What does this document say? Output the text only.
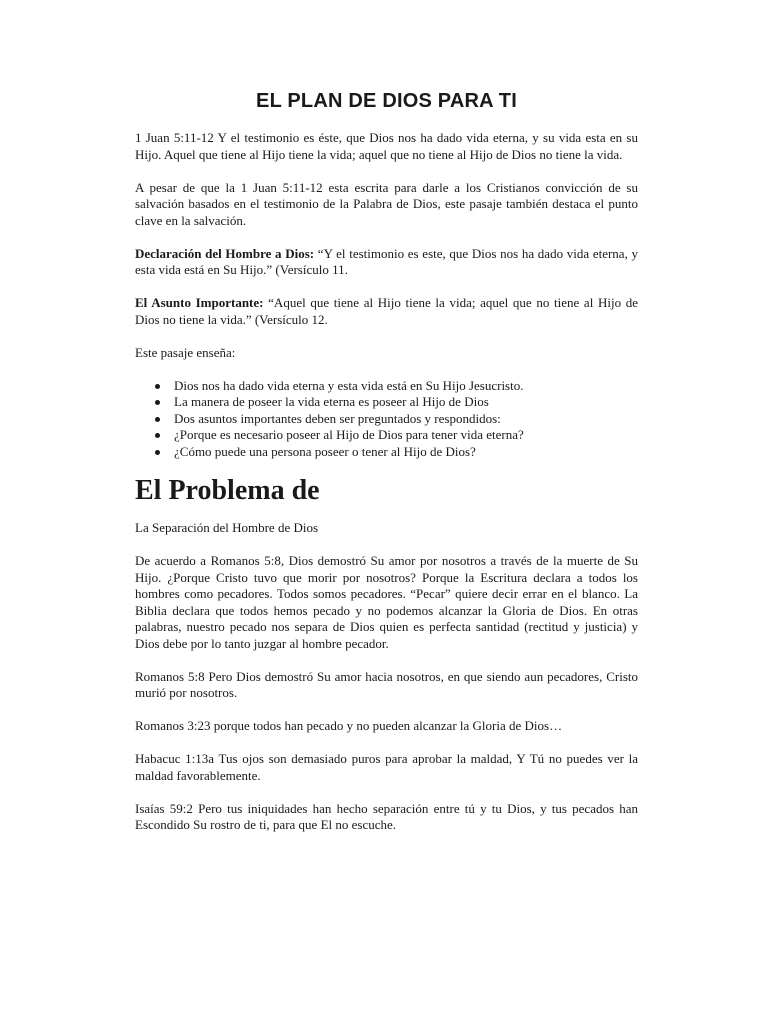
EL PLAN DE DIOS PARA TI

1 Juan 5:11-12 Y el testimonio es éste, que Dios nos ha dado vida eterna, y su vida esta en su Hijo. Aquel que tiene al Hijo tiene la vida; aquel que no tiene al Hijo de Dios no tiene la vida.

A pesar de que la 1 Juan 5:11-12 esta escrita para darle a los Cristianos convicción de su salvación basados en el testimonio de la Palabra de Dios, este pasaje también destaca el punto clave en la salvación.

Declaración del Hombre a Dios: “Y el testimonio es este, que Dios nos ha dado vida eterna, y esta vida está en Su Hijo.” (Versículo 11.

El Asunto Importante: “Aquel que tiene al Hijo tiene la vida; aquel que no tiene al Hijo de Dios no tiene la vida.” (Versículo 12.

Este pasaje enseña:

Dios nos ha dado vida eterna y esta vida está en Su Hijo Jesucristo.
La manera de poseer la vida eterna es poseer al Hijo de Dios
Dos asuntos importantes deben ser preguntados y respondidos:
¿Porque es necesario poseer al Hijo de Dios para tener vida eterna?
¿Cómo puede una persona poseer o tener al Hijo de Dios?
El Problema de

La Separación del Hombre de Dios

De acuerdo a Romanos 5:8, Dios demostró Su amor por nosotros a través de la muerte de Su Hijo. ¿Porque Cristo tuvo que morir por nosotros? Porque la Escritura declara a todos los hombres como pecadores. Todos somos pecadores. “Pecar” quiere decir errar en el blanco. La Biblia declara que todos hemos pecado y no podemos alcanzar la Gloria de Dios. En otras palabras, nuestro pecado nos separa de Dios quien es perfecta santidad (rectitud y justicia) y Dios debe por lo tanto juzgar al hombre pecador.

Romanos 5:8 Pero Dios demostró Su amor hacia nosotros, en que siendo aun pecadores, Cristo murió por nosotros.

Romanos 3:23 porque todos han pecado y no pueden alcanzar la Gloria de Dios…

Habacuc 1:13a Tus ojos son demasiado puros para aprobar la maldad, Y Tú no puedes ver la maldad favorablemente.

Isaías 59:2 Pero tus iniquidades han hecho separación entre tú y tu Dios, y tus pecados han Escondido Su rostro de ti, para que El no escuche.
